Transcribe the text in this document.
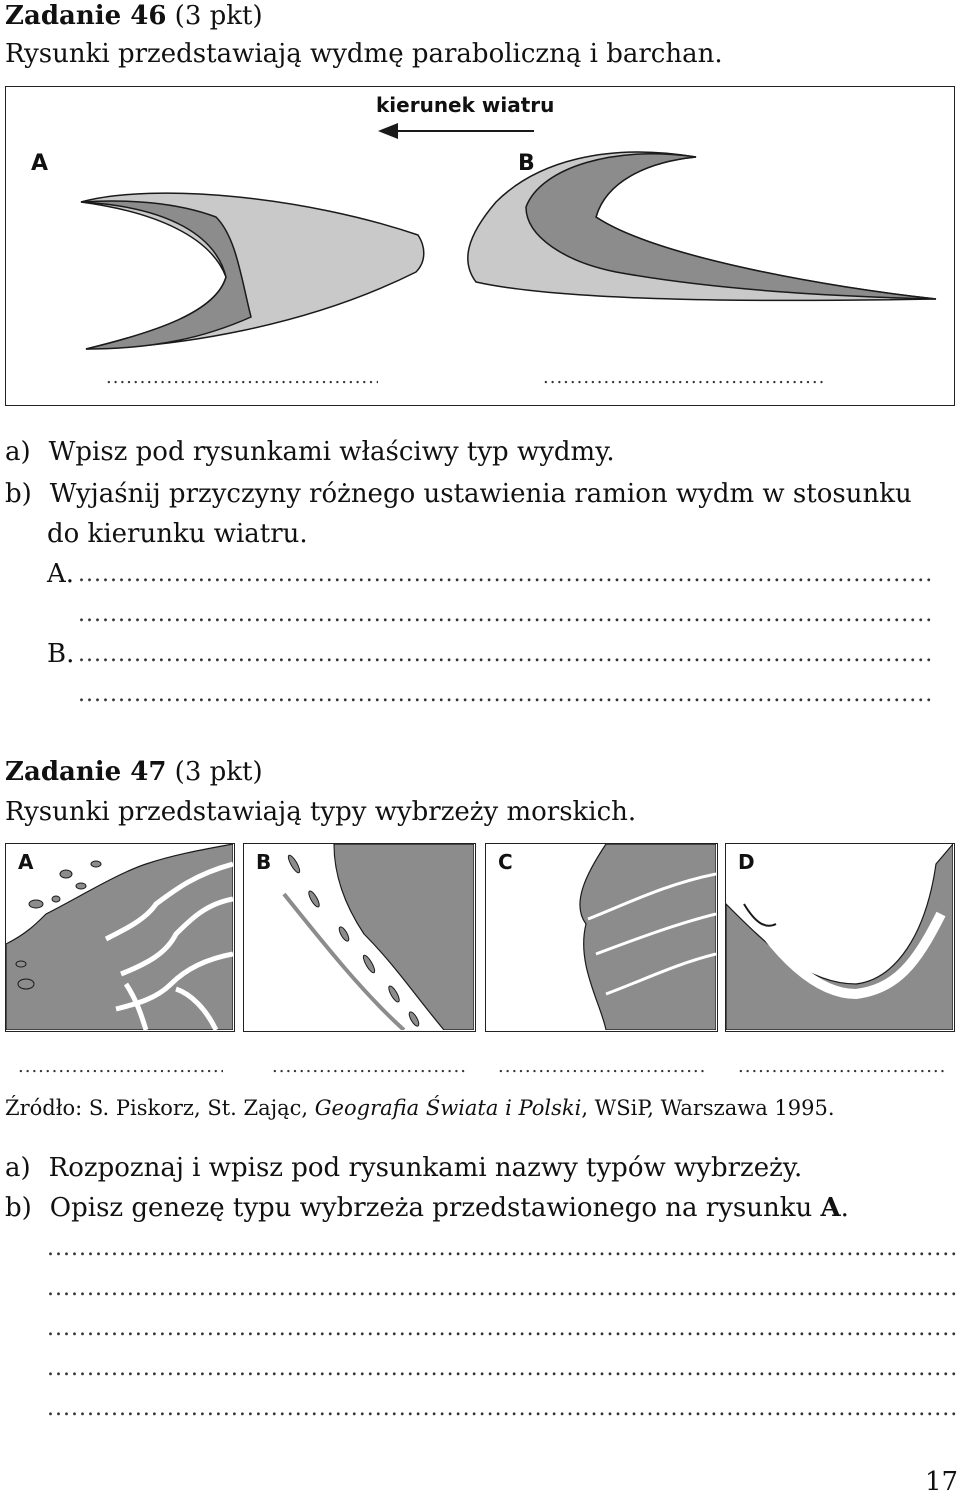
Zadanie 46 (3 pkt)
Rysunki przedstawiają wydmę paraboliczną i barchan.
kierunek wiatru
A	B
.....
.....
a) Wpisz pod rysunkami właściwy typ wydmy.
b) Wyjaśnij przyczyny różnego ustawienia ramion wydm w stosunku
do kierunku wiatru.
A.
.....
.....
B.
.....
.....
Zadanie 47 (3 pkt)
Rysunki przedstawiają typy wybrzeży morskich.
A	B	C	D
.....
.....
.....
.....
Źródło: S. Piskorz, St. Zając, Geografia Świata i Polski, WSiP, Warszawa 1995.
a) Rozpoznaj i wpisz pod rysunkami nazwy typów wybrzeży.
b) Opisz genezę typu wybrzeża przedstawionego na rysunku A.
.....
.....
.....
.....
.....
17
